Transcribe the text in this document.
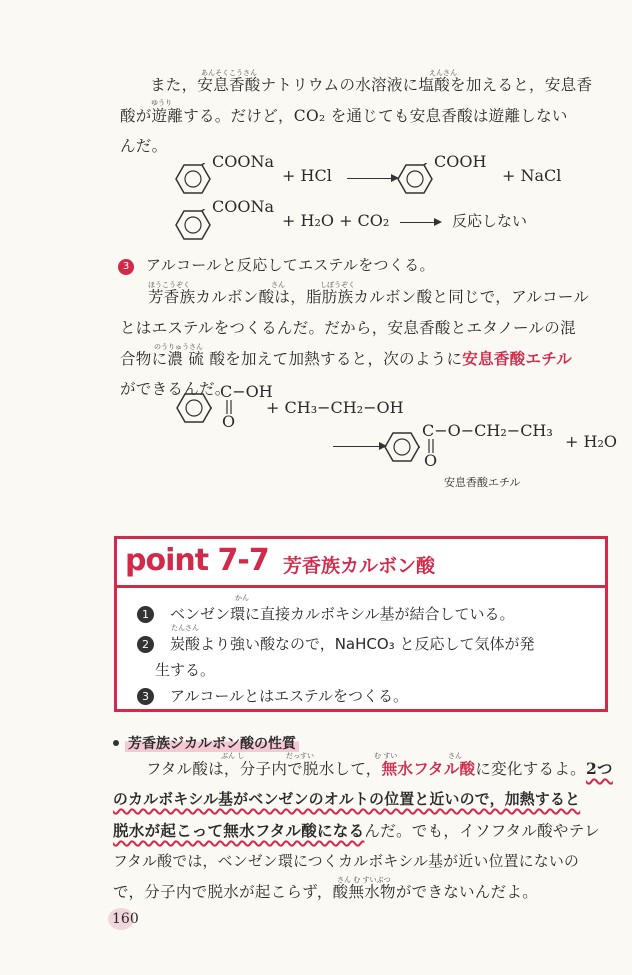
あんそくこうさん	えんさん
また，安息香酸ナトリウムの水溶液に塩酸を加えると，安息香
ゆうり
酸が遊離する。だけど，CO₂ を通じても安息香酸は遊離しない
んだ。
COONa
+ HCl →
COOH
+ NaCl
COONa
+ H₂O + CO₂ → 反応しない
3	アルコールと反応してエステルをつくる。
ほうこうぞく	さん	しぼうぞく
芳香族カルボン酸は，脂肪族カルボン酸と同じで，アルコール
とはエステルをつくるんだ。だから，安息香酸とエタノールの混
のうりゅうさん
合物に濃 硫 酸を加えて加熱すると，次のように安息香酸エチル
ができるんだ。
C−OH
O
+ CH₃−CH₂−OH
C−O−CH₂−CH₃
O
+ H₂O
安息香酸エチル
point 7-7 芳香族カルボン酸
かん
1 ベンゼン環に直接カルボキシル基が結合している。
たんさん
2 炭酸より強い酸なので，NaHCO₃ と反応して気体が発
生する。
3 アルコールとはエステルをつくる。
芳香族ジカルボン酸の性質
ぶん し	だっすい	む すい	さん
フタル酸は，分子内で脱水して，無水フタル酸に変化するよ。2つ
のカルボキシル基がベンゼンのオルトの位置と近いので，加熱すると
脱水が起こって無水フタル酸になるんだ。でも，イソフタル酸やテレ
フタル酸では，ベンゼン環につくカルボキシル基が近い位置にないの
さん む すいぶつ
で，分子内で脱水が起こらず，酸無水物ができないんだよ。
160
